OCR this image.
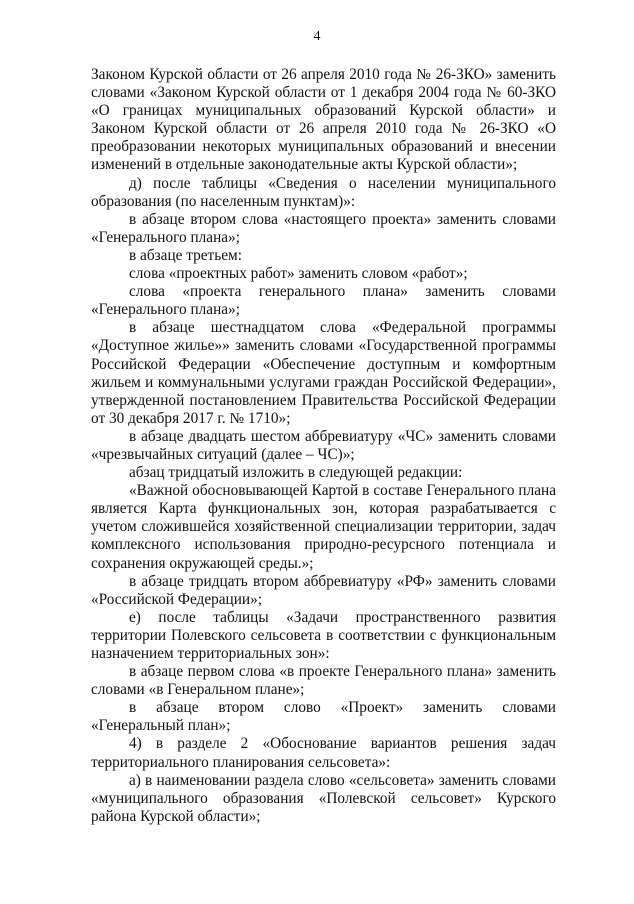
4

Законом Курской области от 26 апреля 2010 года № 26-ЗКО» заменить словами «Законом Курской области от 1 декабря 2004 года № 60-ЗКО «О границах муниципальных образований Курской области» и Законом Курской области от 26 апреля 2010 года № 26-ЗКО «О преобразовании некоторых муниципальных образований и внесении изменений в отдельные законодательные акты Курской области»;

д) после таблицы «Сведения о населении муниципального образования (по населенным пунктам)»:

в абзаце втором слова «настоящего проекта» заменить словами «Генерального плана»;

в абзаце третьем:

слова «проектных работ» заменить словом «работ»;

слова «проекта генерального плана» заменить словами «Генерального плана»;

в абзаце шестнадцатом слова «Федеральной программы «Доступное жилье»» заменить словами «Государственной программы Российской Федерации «Обеспечение доступным и комфортным жильем и коммунальными услугами граждан Российской Федерации», утвержденной постановлением Правительства Российской Федерации от 30 декабря 2017 г. № 1710»;

в абзаце двадцать шестом аббревиатуру «ЧС» заменить словами «чрезвычайных ситуаций (далее – ЧС)»;

абзац тридцатый изложить в следующей редакции:

«Важной обосновывающей Картой в составе Генерального плана является Карта функциональных зон, которая разрабатывается с учетом сложившейся хозяйственной специализации территории, задач комплексного использования природно-ресурсного потенциала и сохранения окружающей среды.»;

в абзаце тридцать втором аббревиатуру «РФ» заменить словами «Российской Федерации»;

е) после таблицы «Задачи пространственного развития территории Полевского сельсовета в соответствии с функциональным назначением территориальных зон»:

в абзаце первом слова «в проекте Генерального плана» заменить словами «в Генеральном плане»;

в абзаце втором слово «Проект» заменить словами «Генеральный план»;

4) в разделе 2 «Обоснование вариантов решения задач территориального планирования сельсовета»:

а) в наименовании раздела слово «сельсовета» заменить словами «муниципального образования «Полевской сельсовет» Курского района Курской области»;
